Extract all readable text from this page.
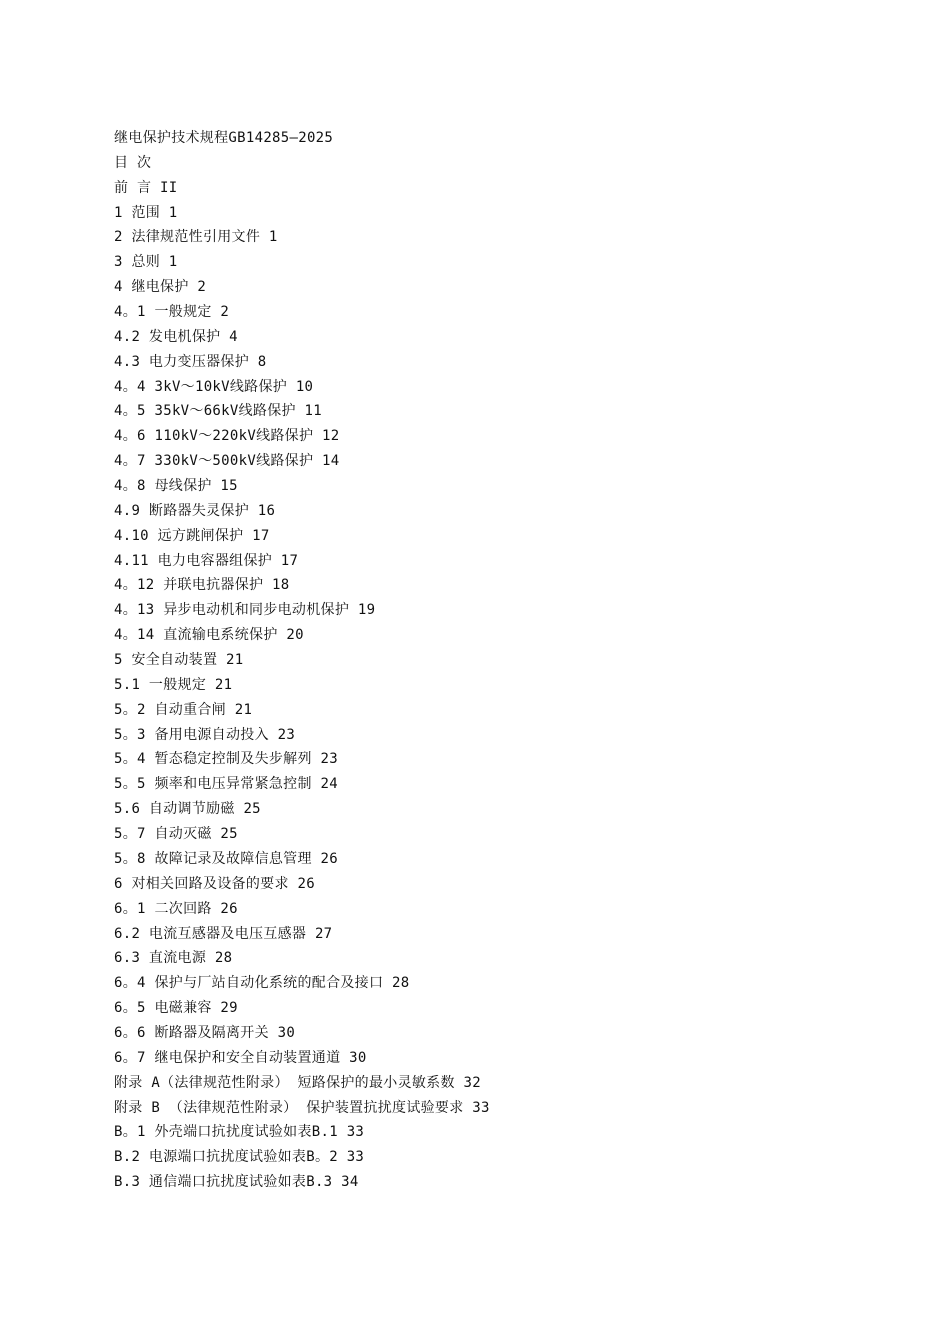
继电保护技术规程GB14285—2025
目 次
前 言 II
1 范围 1
2 法律规范性引用文件 1
3 总则 1
4 继电保护 2
4。1 一般规定 2
4.2 发电机保护 4
4.3 电力变压器保护 8
4。4 3kV～10kV线路保护 10
4。5 35kV～66kV线路保护 11
4。6 110kV～220kV线路保护 12
4。7 330kV～500kV线路保护 14
4。8 母线保护 15
4.9 断路器失灵保护 16
4.10 远方跳闸保护 17
4.11 电力电容器组保护 17
4。12 并联电抗器保护 18
4。13 异步电动机和同步电动机保护 19
4。14 直流输电系统保护 20
5 安全自动装置 21
5.1 一般规定 21
5。2 自动重合闸 21
5。3 备用电源自动投入 23
5。4 暂态稳定控制及失步解列 23
5。5 频率和电压异常紧急控制 24
5.6 自动调节励磁 25
5。7 自动灭磁 25
5。8 故障记录及故障信息管理 26
6 对相关回路及设备的要求 26
6。1 二次回路 26
6.2 电流互感器及电压互感器 27
6.3 直流电源 28
6。4 保护与厂站自动化系统的配合及接口 28
6。5 电磁兼容 29
6。6 断路器及隔离开关 30
6。7 继电保护和安全自动装置通道 30
附录 A（法律规范性附录） 短路保护的最小灵敏系数 32
附录 B （法律规范性附录） 保护装置抗扰度试验要求 33
B。1 外壳端口抗扰度试验如表B.1 33
B.2 电源端口抗扰度试验如表B。2 33
B.3 通信端口抗扰度试验如表B.3 34
